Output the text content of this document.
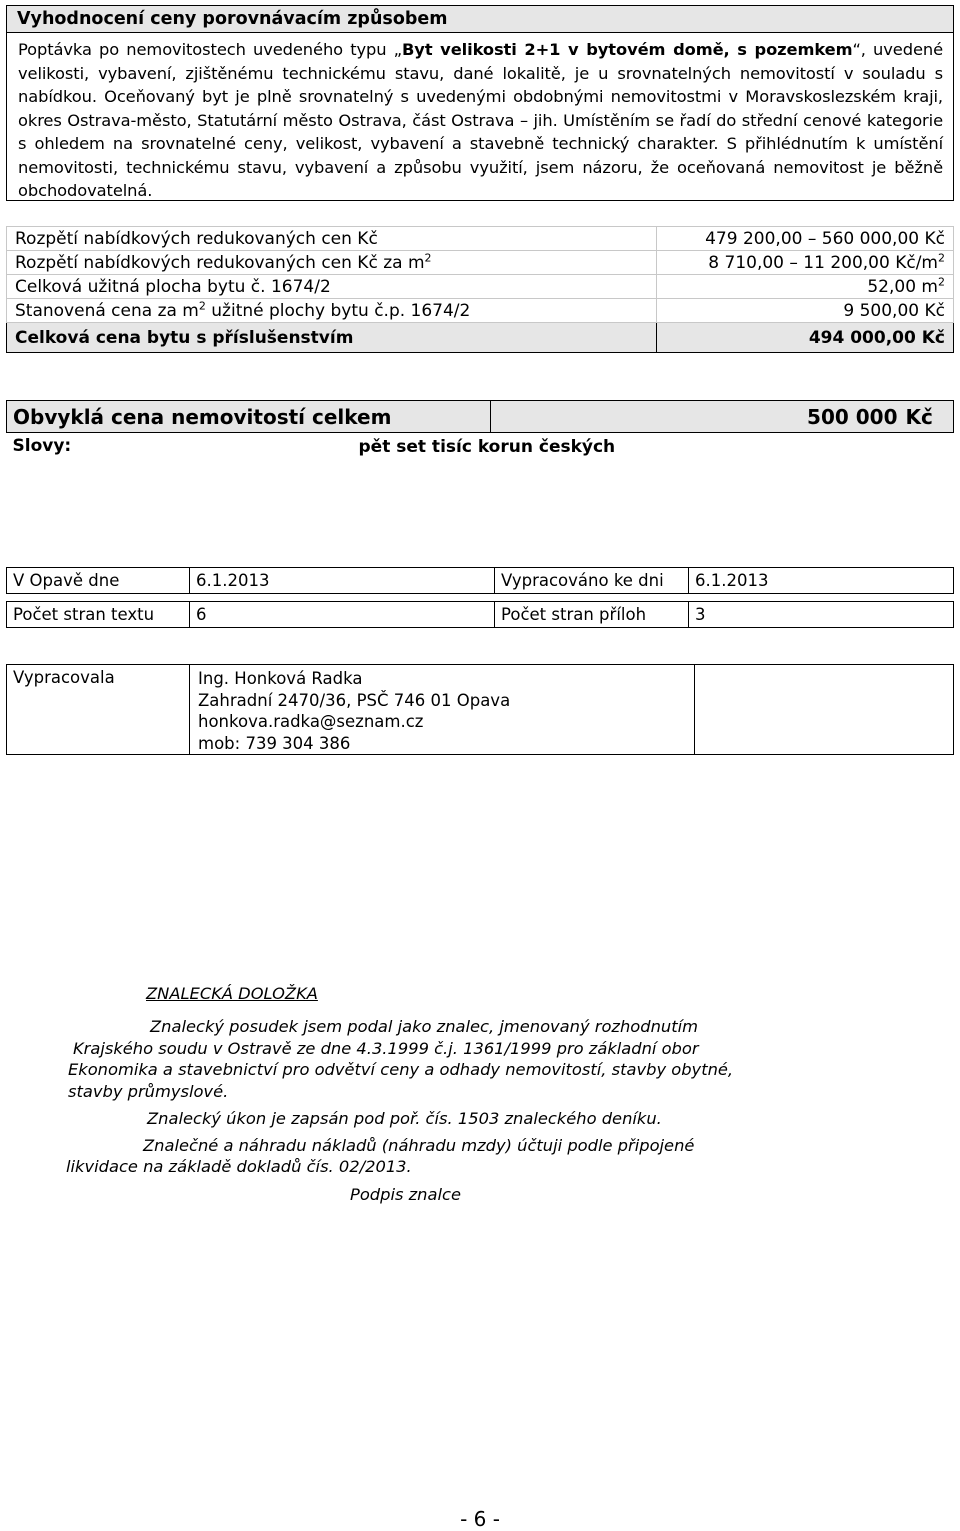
Vyhodnocení ceny porovnávacím způsobem
Poptávka po nemovitostech uvedeného typu „Byt velikosti 2+1 v bytovém domě, s pozemkem“, uvedené velikosti, vybavení, zjištěnému technickému stavu, dané lokalitě, je u srovnatelných nemovitostí v souladu s nabídkou. Oceňovaný byt je plně srovnatelný s uvedenými obdobnými nemovitostmi v Moravskoslezském kraji, okres Ostrava-město, Statutární město Ostrava, část Ostrava – jih. Umístěním se řadí do střední cenové kategorie s ohledem na srovnatelné ceny, velikost, vybavení a stavebně technický charakter. S přihlédnutím k umístění nemovitosti, technickému stavu, vybavení a způsobu využití, jsem názoru, že oceňovaná nemovitost je běžně obchodovatelná.
Rozpětí nabídkových redukovaných cen Kč	479 200,00 – 560 000,00 Kč
Rozpětí nabídkových redukovaných cen Kč za $m^2$	8 710,00 – 11 200,00 $Kč/m^2$
Celková užitná plocha bytu č. 1674/2	52,00 $m^2$
Stanovená cena za $m^2$ užitné plochy bytu č.p. 1674/2	9 500,00 Kč
Celková cena bytu s příslušenstvím	494 000,00 Kč
Obvyklá cena nemovitostí celkem	500 000	Kč
Slovy: pět set tisíc korun českých		

V Opavě dne	6.1.2013	Vypracováno ke dni	6.1.2013

Počet stran textu	6	Počet stran příloh	3
Vypracovala	Ing. Honková Radka
Zahradní 2470/36, PSČ 746 01 Opava
honkova.radka@seznam.cz
mob: 739 304 386

ZNALECKÁ DOLOŽKA
Znalecký posudek jsem podal jako znalec, jmenovaný rozhodnutím
Krajského soudu v Ostravě ze dne 4.3.1999 č.j. 1361/1999 pro základní obor
Ekonomika a stavebnictví pro odvětví ceny a odhady nemovitostí, stavby obytné,
stavby průmyslové.
Znalecký úkon je zapsán pod poř. čís. 1503 znaleckého deníku.
Znalečné a náhradu nákladů (náhradu mzdy) účtuji podle připojené
likvidace na základě dokladů čís. 02/2013.
Podpis znalce
- 6 -
